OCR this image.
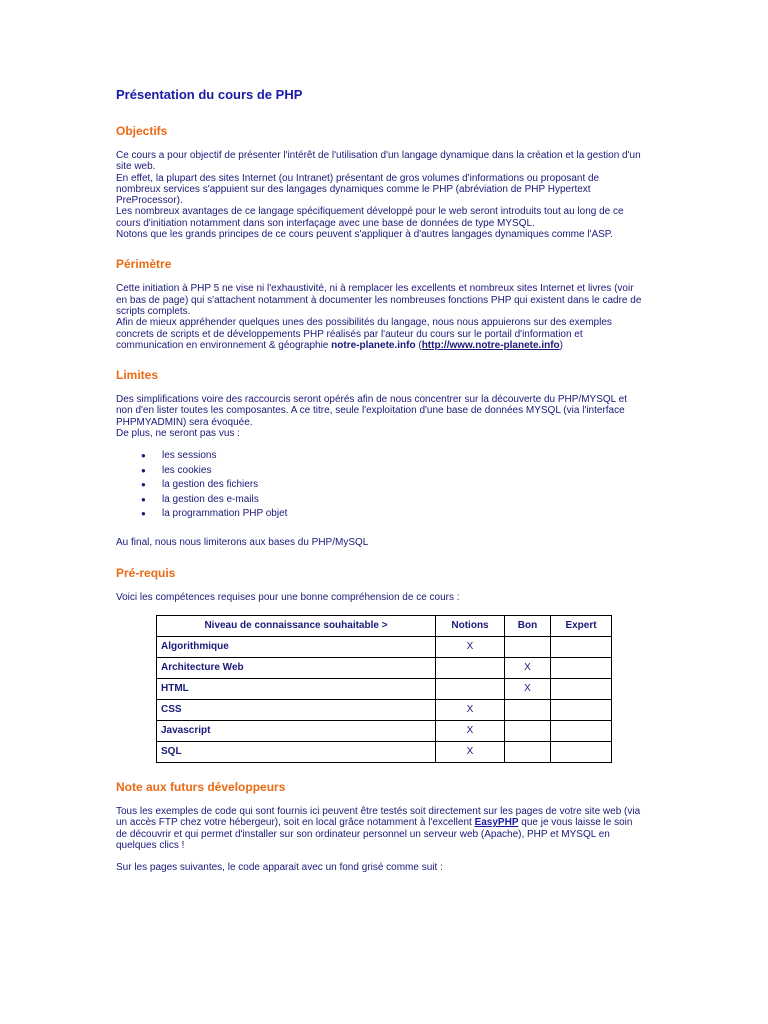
Présentation du cours de PHP
Objectifs

Ce cours a pour objectif de présenter l'intérêt de l'utilisation d'un langage dynamique dans la création et la gestion d'un site web.

En effet, la plupart des sites Internet (ou Intranet) présentant de gros volumes d'informations ou proposant de nombreux services s'appuient sur des langages dynamiques comme le PHP (abréviation de PHP Hypertext PreProcessor).

Les nombreux avantages de ce langage spécifiquement développé pour le web seront introduits tout au long de ce cours d'initiation notamment dans son interfaçage avec une base de données de type MYSQL.

Notons que les grands principes de ce cours peuvent s'appliquer à d'autres langages dynamiques comme l'ASP.

Périmètre

Cette initiation à PHP 5 ne vise ni l'exhaustivité, ni à remplacer les excellents et nombreux sites Internet et livres (voir en bas de page) qui s'attachent notamment à documenter les nombreuses fonctions PHP qui existent dans le cadre de scripts complets.

Afin de mieux appréhender quelques unes des possibilités du langage, nous nous appuierons sur des exemples concrets de scripts et de développements PHP réalisés par l'auteur du cours sur le portail d'information et communication en environnement & géographie notre-planete.info (http://www.notre-planete.info)

Limites

Des simplifications voire des raccourcis seront opérés afin de nous concentrer sur la découverte du PHP/MYSQL et non d'en lister toutes les composantes. A ce titre, seule l'exploitation d'une base de données MYSQL (via l'interface PHPMYADMIN) sera évoquée.

De plus, ne seront pas vus :

● les sessions
● les cookies
● la gestion des fichiers
● la gestion des e-mails
● la programmation PHP objet

Au final, nous nous limiterons aux bases du PHP/MySQL

Pré-requis

Voici les compétences requises pour une bonne compréhension de ce cours :

Niveau de connaissance souhaitable >	Notions	Bon	Expert
Algorithmique	X		
Architecture Web		X	
HTML		X	
CSS	X		
Javascript	X		
SQL	X		
Note aux futurs développeurs

Tous les exemples de code qui sont fournis ici peuvent être testés soit directement sur les pages de votre site web (via un accès FTP chez votre hébergeur), soit en local grâce notamment à l'excellent EasyPHP que je vous laisse le soin de découvrir et qui permet d'installer sur son ordinateur personnel un serveur web (Apache), PHP et MYSQL en quelques clics !

Sur les pages suivantes, le code apparait avec un fond grisé comme suit :
